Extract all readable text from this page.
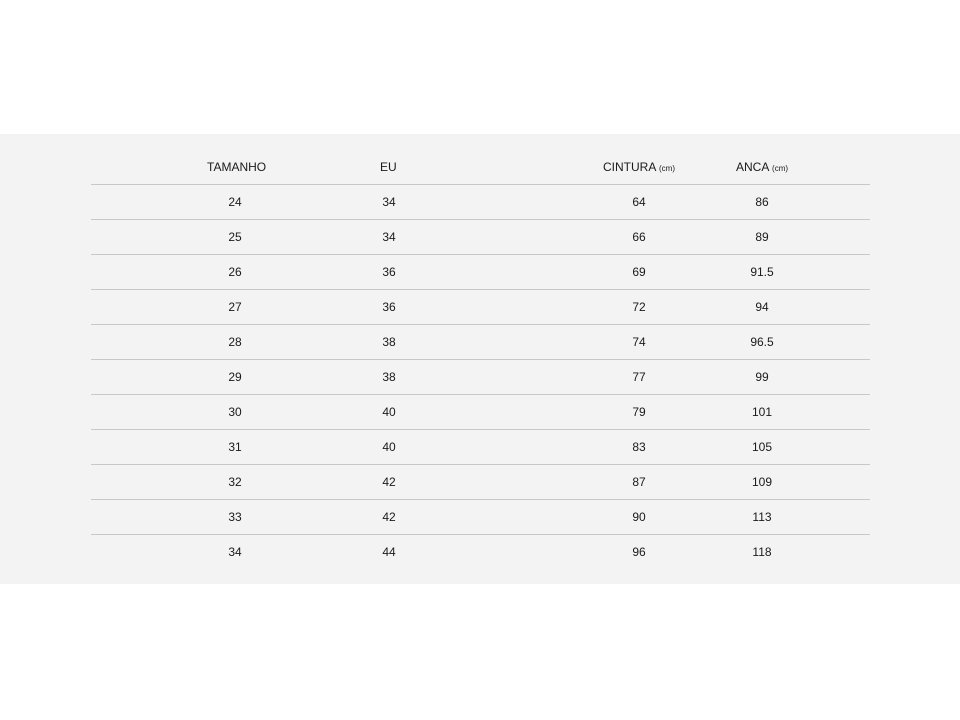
TAMANHO	EU	CINTURA (cm)	ANCA (cm)
24	34	64	86
25	34	66	89
26	36	69	91.5
27	36	72	94
28	38	74	96.5
29	38	77	99
30	40	79	101
31	40	83	105
32	42	87	109
33	42	90	113
34	44	96	118
